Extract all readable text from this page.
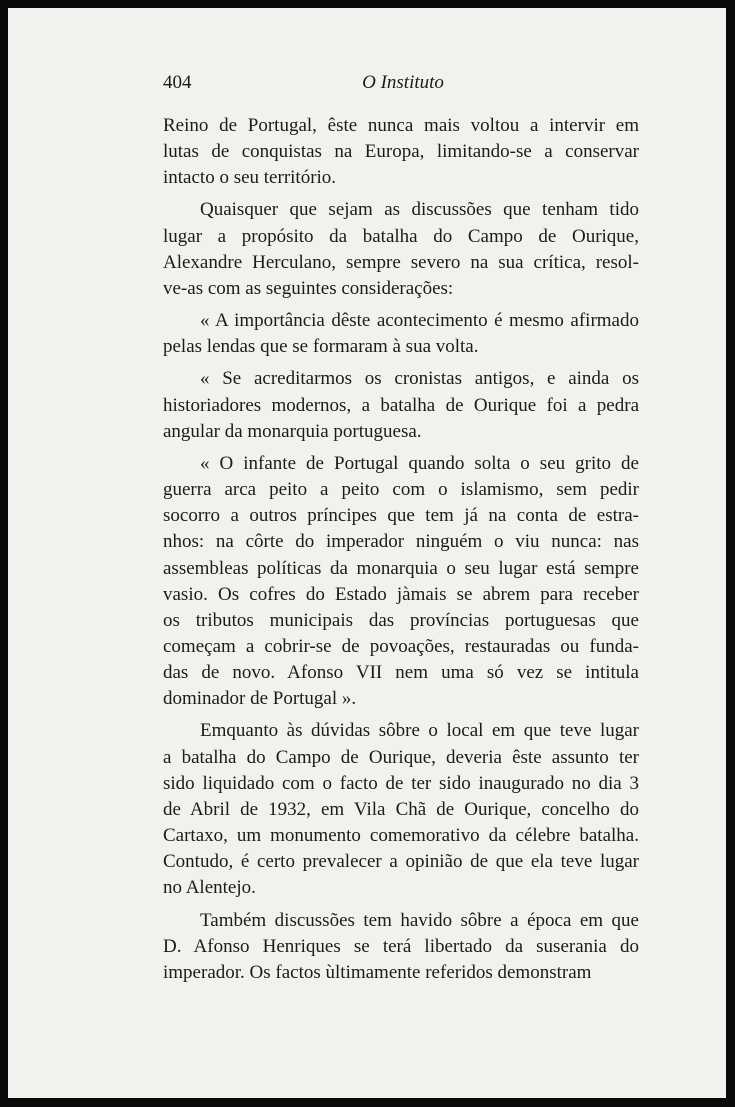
404	O Instituto

Reino de Portugal, êste nunca mais voltou a intervir em
lutas de conquistas na Europa, limitando-se a conservar
intacto o seu território.

Quaisquer que sejam as discussões que tenham tido
lugar a propósito da batalha do Campo de Ourique,
Alexandre Herculano, sempre severo na sua crítica, resol-
ve-as com as seguintes considerações:

« A importância dêste acontecimento é mesmo afirmado
pelas lendas que se formaram à sua volta.

« Se acreditarmos os cronistas antigos, e ainda os
historiadores modernos, a batalha de Ourique foi a pedra
angular da monarquia portuguesa.

« O infante de Portugal quando solta o seu grito de
guerra arca peito a peito com o islamismo, sem pedir
socorro a outros príncipes que tem já na conta de estra-
nhos: na côrte do imperador ninguém o viu nunca: nas
assembleas políticas da monarquia o seu lugar está sempre
vasio. Os cofres do Estado jàmais se abrem para receber
os tributos municipais das províncias portuguesas que
começam a cobrir-se de povoações, restauradas ou funda-
das de novo. Afonso VII nem uma só vez se intitula
dominador de Portugal ».

Emquanto às dúvidas sôbre o local em que teve lugar
a batalha do Campo de Ourique, deveria êste assunto ter
sido liquidado com o facto de ter sido inaugurado no dia 3
de Abril de 1932, em Vila Chã de Ourique, concelho do
Cartaxo, um monumento comemorativo da célebre batalha.
Contudo, é certo prevalecer a opinião de que ela teve lugar
no Alentejo.

Também discussões tem havido sôbre a época em que
D. Afonso Henriques se terá libertado da suserania do
imperador. Os factos ùltimamente referidos demonstram
